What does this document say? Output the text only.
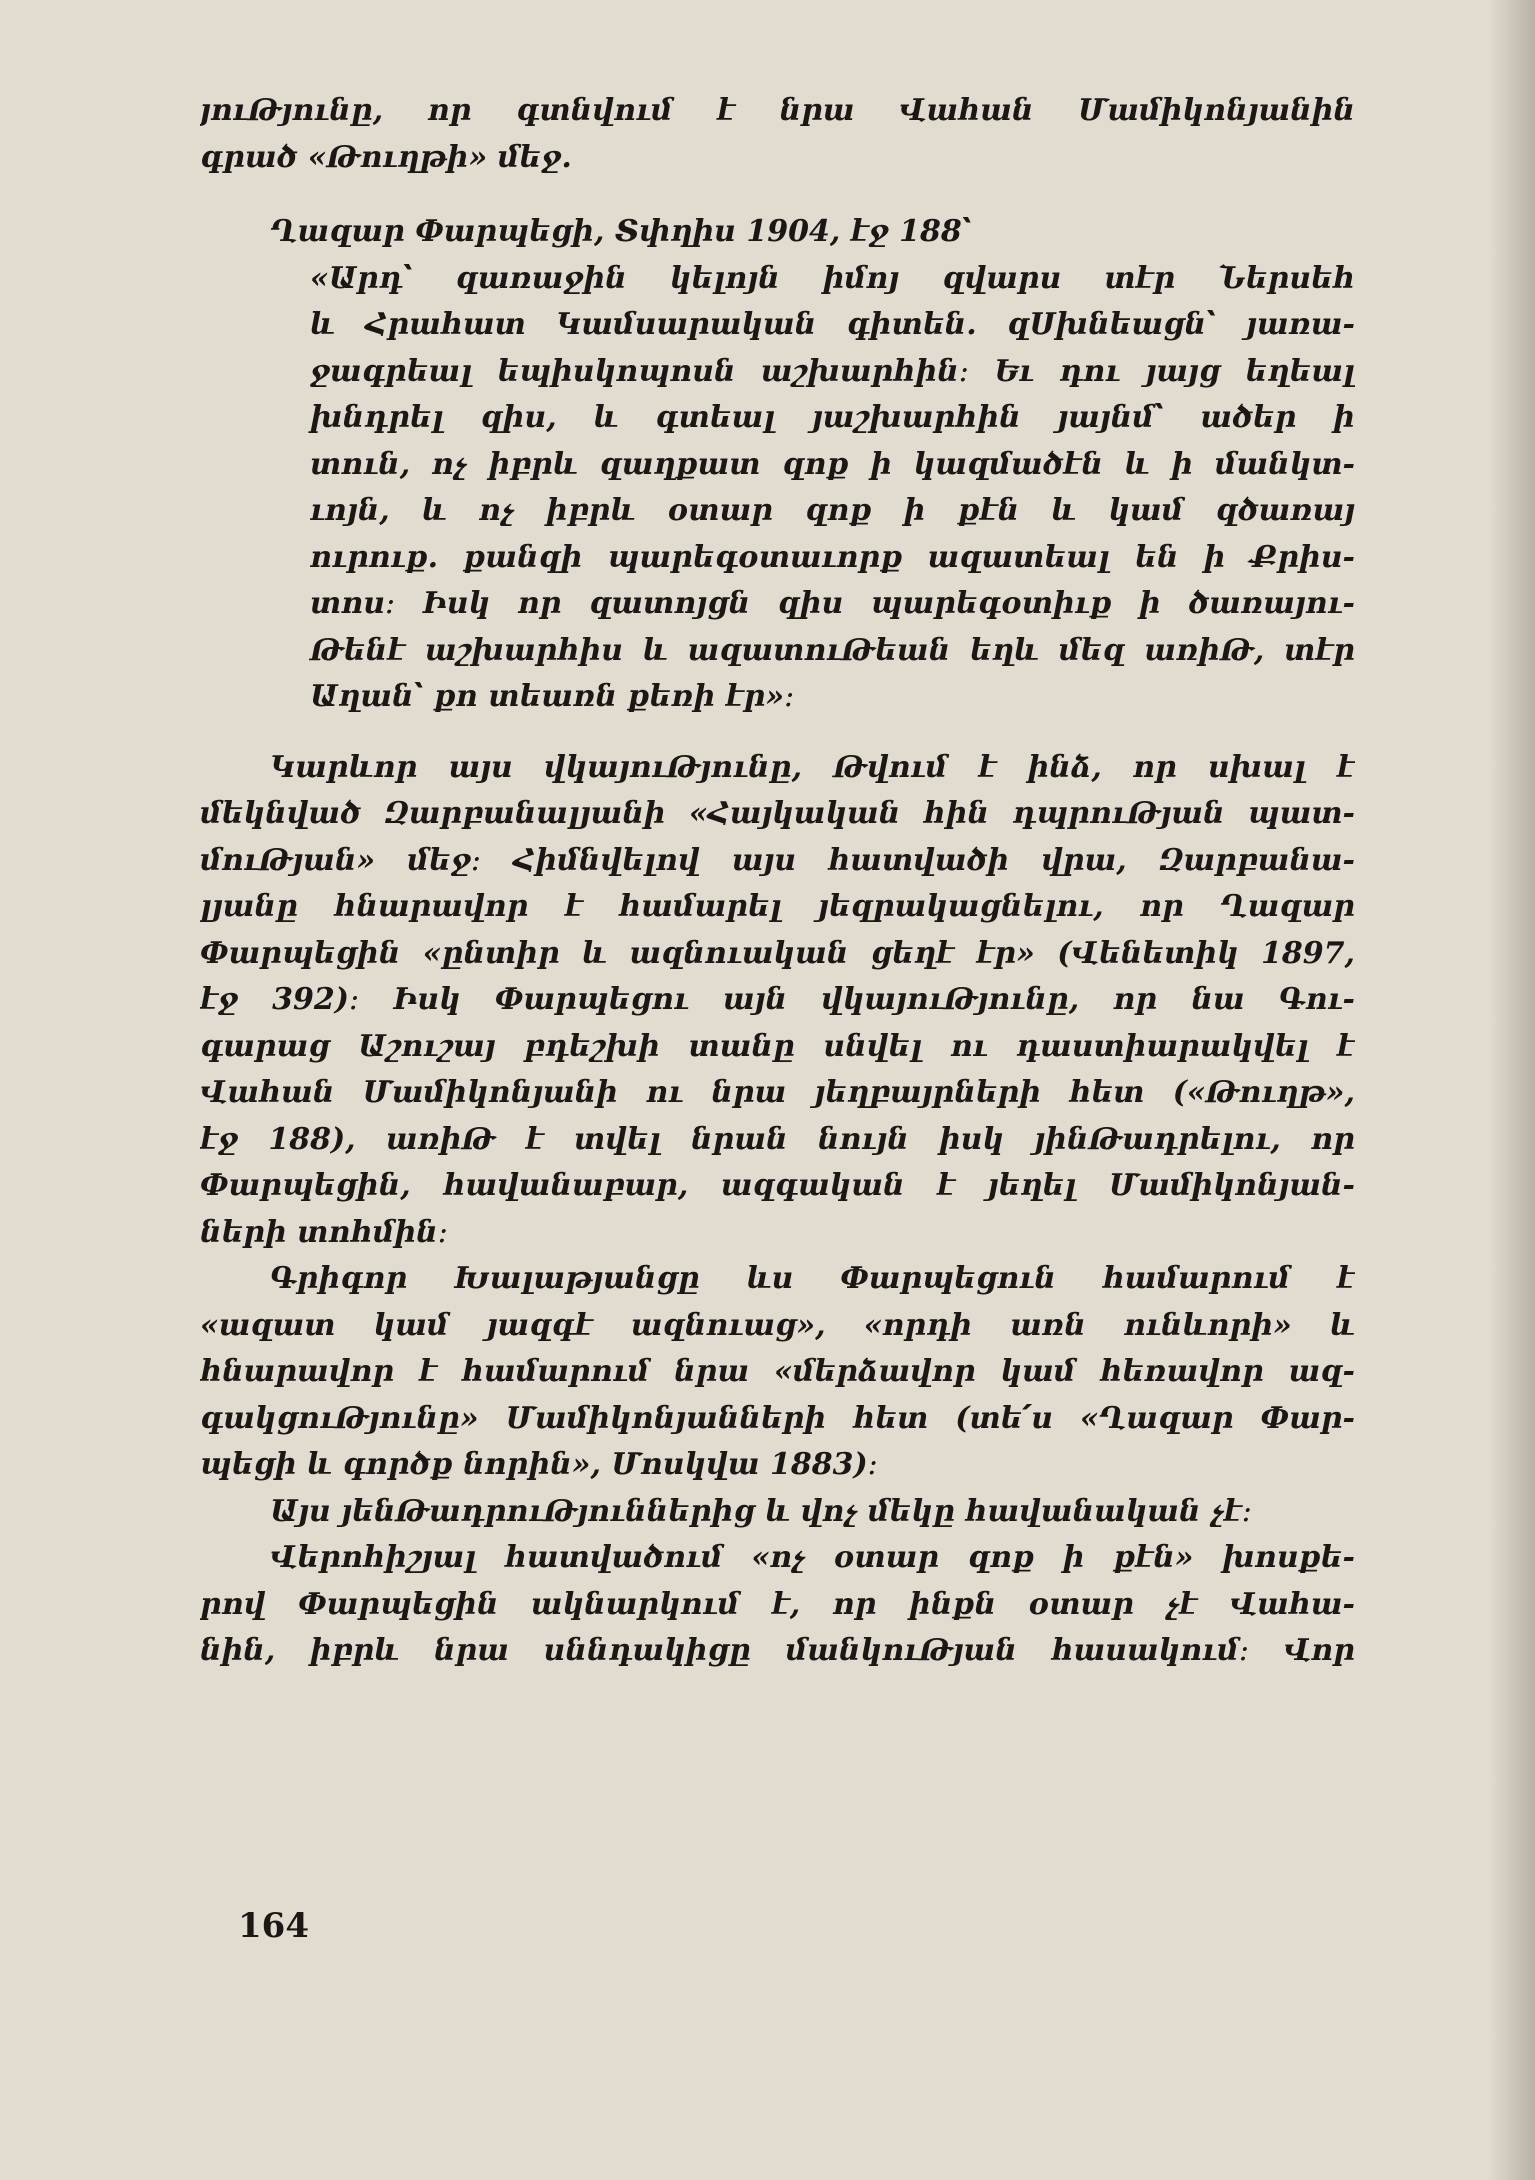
յուԹյունը, որ գտնվում է նրա Վահան Մամիկոնյանին
գրած «Թուղթի» մեջ.
Ղազար Փարպեցի, Տփղիս 1904, էջ 188՝
«Արդ՝ զառաջին կելոյն իմոյ զվարս տէր Ներսեհ
և Հրահատ Կամսարական գիտեն. զՍխնեացն՝ յառա-
ջագրեալ եպիսկոպոսն աշխարհին։ Եւ դու յայց եղեալ
խնդրել զիս, և գտեալ յաշխարհին յայնմ՝ ածեր ի
տուն, ոչ իբրև զաղքատ զոք ի կազմածէն և ի մանկտ-
ւոյն, և ոչ իբրև օտար զոք ի քէն և կամ զծառայ
ուրուք. քանզի պարեգօտաւորք ազատեալ են ի Քրիս-
տոս։ Իսկ որ զատոյցն զիս պարեգօտիւք ի ծառայու-
Թենէ աշխարհիս և ազատուԹեան եղև մեզ առիԹ, տէր
Աղան՝ քո տեառն քեռի էր»։
Կարևոր այս վկայուԹյունը, Թվում է ինձ, որ սխալ է
մեկնված Զարբանալյանի «Հայկական հին դպրուԹյան պատ-
մուԹյան» մեջ։ Հիմնվելով այս հատվածի վրա, Զարբանա-
լյանը հնարավոր է համարել յեզրակացնելու, որ Ղազար
Փարպեցին «ընտիր և ազնուական ցեղէ էր» (Վենետիկ 1897,
էջ 392)։ Իսկ Փարպեցու այն վկայուԹյունը, որ նա Գու-
գարաց Աշուշայ բդեշխի տանը սնվել ու դաստիարակվել է
Վահան Մամիկոնյանի ու նրա յեղբայրների հետ («Թուղթ»,
էջ 188), առիԹ է տվել նրան նույն իսկ յինԹադրելու, որ
Փարպեցին, հավանաբար, ազգական է յեղել Մամիկոնյան-
ների տոհմին։
Գրիգոր Խալաթյանցը ևս Փարպեցուն համարում է
«ազատ կամ յազգէ ազնուաց», «որդի առն ունևորի» և
հնարավոր է համարում նրա «մերձավոր կամ հեռավոր ազ-
գակցուԹյունը» Մամիկոնյանների հետ (տե՛ս «Ղազար Փար-
պեցի և գործք նորին», Մոսկվա 1883)։
Այս յենԹադրուԹյուններից և վոչ մեկը հավանական չէ։
Վերոհիշյալ հատվածում «ոչ օտար զոք ի քէն» խոսքե-
րով Փարպեցին ակնարկում է, որ ինքն օտար չէ Վահա-
նին, իբրև նրա սննդակիցը մանկուԹյան հասակում։ Վոր
164
